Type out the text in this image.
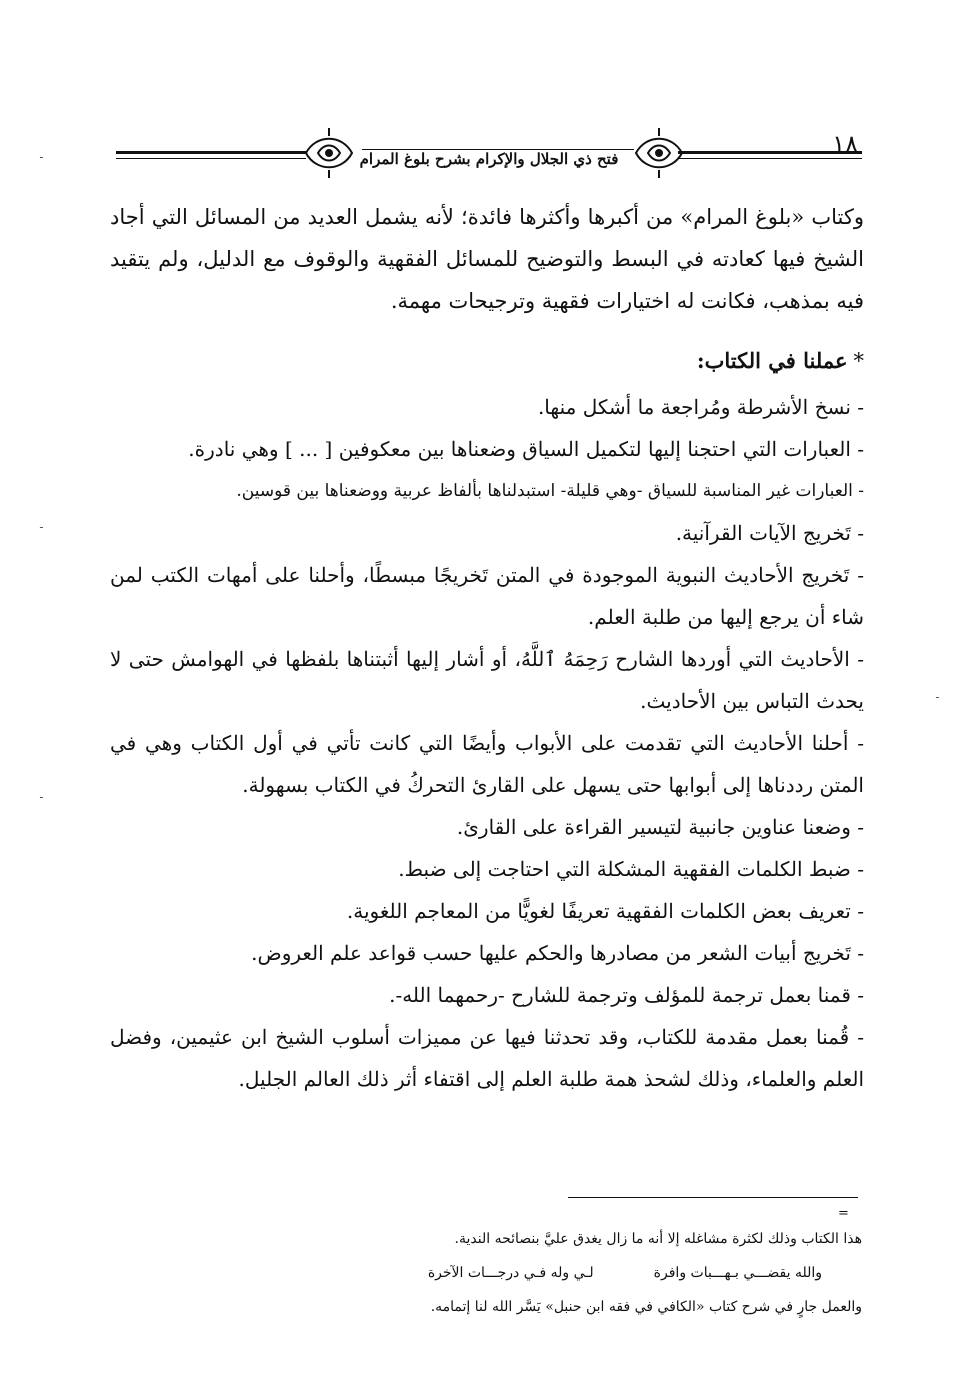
ـ
ـ
ـ
ـ
فتح ذي الجلال والإكرام بشرح بلوغ المرام
١٨

وكتاب «بلوغ المرام» من أكبرها وأكثرها فائدة؛ لأنه يشمل العديد من المسائل التي أجاد الشيخ فيها كعادته في البسط والتوضيح للمسائل الفقهية والوقوف مع الدليل، ولم يتقيد فيه بمذهب، فكانت له اختيارات فقهية وترجيحات مهمة.

*عملنا في الكتاب:

- نسخ الأشرطة ومُراجعة ما أشكل منها.

- العبارات التي احتجنا إليها لتكميل السياق وضعناها بين معكوفين [ ... ] وهي نادرة.

- العبارات غير المناسبة للسياق -وهي قليلة- استبدلناها بألفاظ عربية ووضعناها بين قوسين.

- تَخريج الآيات القرآنية.

- تَخريج الأحاديث النبوية الموجودة في المتن تَخريجًا مبسطًا، وأحلنا على أمهات الكتب لمن شاء أن يرجع إليها من طلبة العلم.

- الأحاديث التي أوردها الشارح رَحِمَهُ ٱللَّهُ، أو أشار إليها أثبتناها بلفظها في الهوامش حتى لا يحدث التباس بين الأحاديث.

- أحلنا الأحاديث التي تقدمت على الأبواب وأيضًا التي كانت تأتي في أول الكتاب وهي في المتن رددناها إلى أبوابها حتى يسهل على القارئ التحركُ في الكتاب بسهولة.

- وضعنا عناوين جانبية لتيسير القراءة على القارئ.

- ضبط الكلمات الفقهية المشكلة التي احتاجت إلى ضبط.

- تعريف بعض الكلمات الفقهية تعريفًا لغويًّا من المعاجم اللغوية.

- تَخريج أبيات الشعر من مصادرها والحكم عليها حسب قواعد علم العروض.

- قمنا بعمل ترجمة للمؤلف وترجمة للشارح -رحمهما الله-.

- قُمنا بعمل مقدمة للكتاب، وقد تحدثنا فيها عن مميزات أسلوب الشيخ ابن عثيمين، وفضل العلم والعلماء، وذلك لشحذ همة طلبة العلم إلى اقتفاء أثر ذلك العالم الجليل.

=

هذا الكتاب وذلك لكثرة مشاغله إلا أنه ما زال يغدق عليَّ بنصائحه الندية.

والله يقضـــي بـهـــبات وافرة
لـي وله فـي درجـــات الآخرة

والعمل جارٍ في شرح كتاب «الكافي في فقه ابن حنبل» يَسَّر الله لنا إتمامه.
